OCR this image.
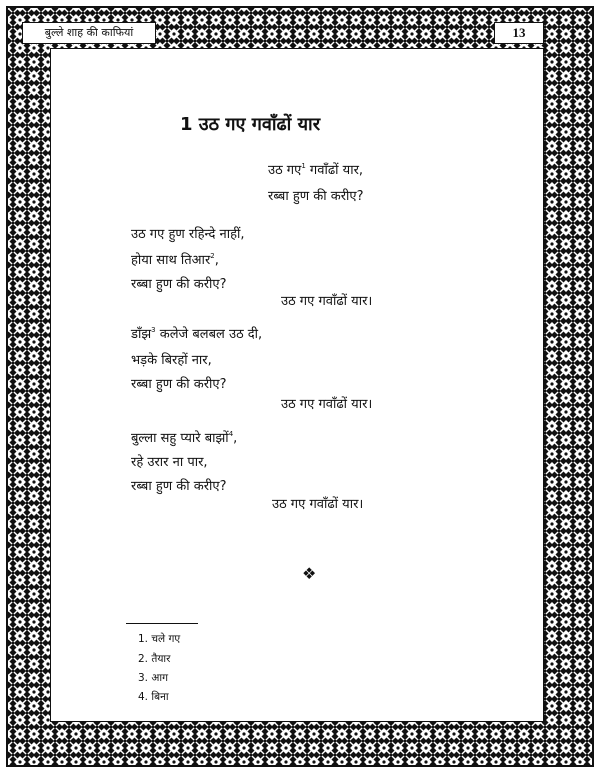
बुल्ले शाह की काफियां	13
1 उठ गए गवाँढों यार
उठ गए$^1$ गवाँढों यार,
रब्बा हुण की करीए?
उठ गए हुण रहिन्दे नाहीं,
होया साथ तिआर$^2$,
रब्बा हुण की करीए?
उठ गए गवाँढों यार।
डाँझ$^3$ कलेजे बलबल उठ दी,
भड़के बिरहों नार,
रब्बा हुण की करीए?
उठ गए गवाँढों यार।
बुल्ला सहु प्यारे बाझों$^4$,
रहे उरार ना पार,
रब्बा हुण की करीए?
उठ गए गवाँढों यार।
❖
1. चले गए
2. तैयार
3. आग
4. बिना
